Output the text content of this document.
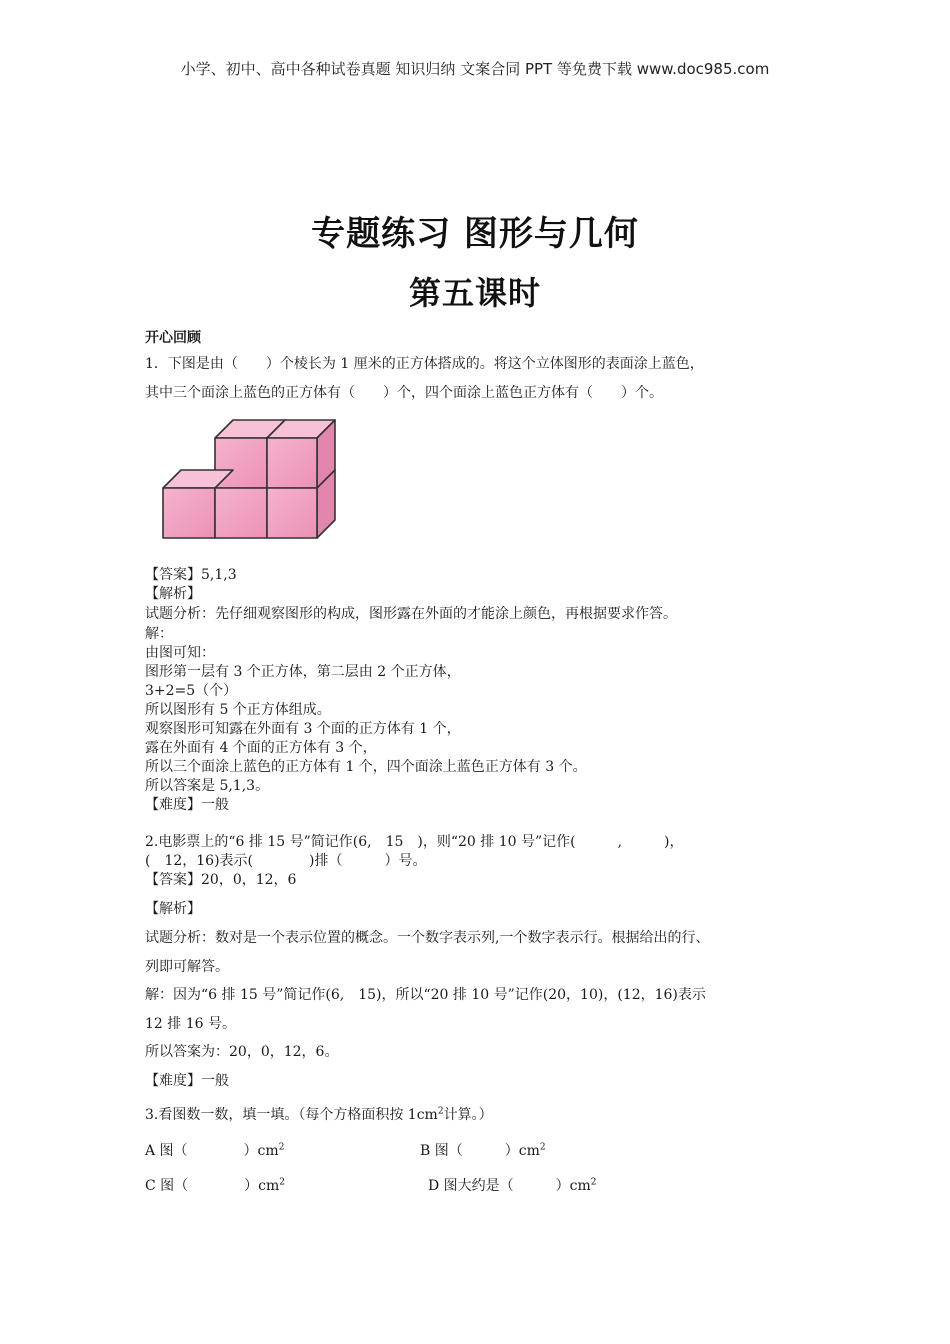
小学、初中、高中各种试卷真题 知识归纳 文案合同 PPT 等免费下载 www.doc985.com
专题练习 图形与几何
第五课时
开心回顾
1．下图是由（　　）个棱长为 1 厘米的正方体搭成的。将这个立体图形的表面涂上蓝色，
其中三个面涂上蓝色的正方体有（　　）个，四个面涂上蓝色正方体有（　　）个。
【答案】5,1,3
【解析】
试题分析：先仔细观察图形的构成，图形露在外面的才能涂上颜色，再根据要求作答。
解：
由图可知：
图形第一层有 3 个正方体，第二层由 2 个正方体，
3+2=5（个）
所以图形有 5 个正方体组成。
观察图形可知露在外面有 3 个面的正方体有 1 个，
露在外面有 4 个面的正方体有 3 个，
所以三个面涂上蓝色的正方体有 1 个，四个面涂上蓝色正方体有 3 个。
所以答案是 5,1,3。
【难度】一般
2.电影票上的“6 排 15 号”简记作(6,　15　)，则“20 排 10 号”记作(　　　,　　　)，
(　12，16)表示(　　　　)排（　　　）号。
【答案】20，0，12，6
【解析】
试题分析：数对是一个表示位置的概念。一个数字表示列,一个数字表示行。根据给出的行、
列即可解答。
解：因为“6 排 15 号”简记作(6,　15)，所以“20 排 10 号”记作(20，10)，(12，16)表示
12 排 16 号。
所以答案为：20，0，12，6。
【难度】一般
3.看图数一数，填一填。（每个方格面积按 $1cm^2$计算。）
A 图（　　　　）$cm^2$	B 图（　　　）$cm^2$
C 图（　　　　）$cm^2$	D 图大约是（　　　）$cm^2$
